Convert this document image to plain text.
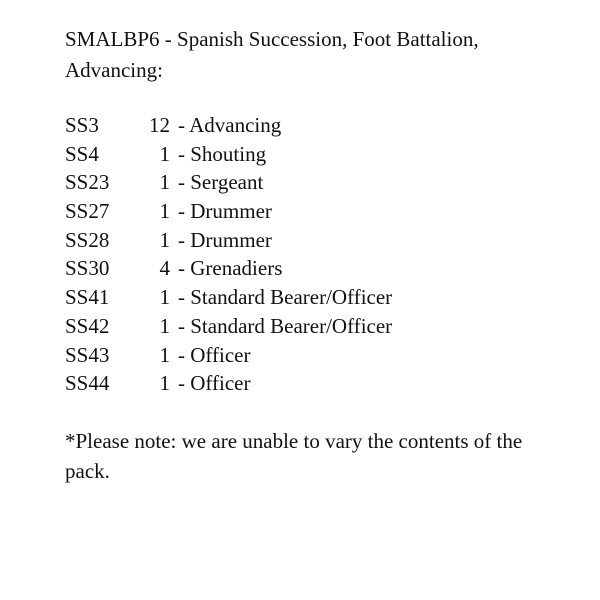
SMALBP6 - Spanish Succession, Foot Battalion, Advancing:

SS3	12 - Advancing
SS4	1 - Shouting
SS23	1 - Sergeant
SS27	1 - Drummer
SS28	1 - Drummer
SS30	4 - Grenadiers
SS41	1 - Standard Bearer/Officer
SS42	1 - Standard Bearer/Officer
SS43	1 - Officer
SS44	1 - Officer

*Please note: we are unable to vary the contents of the pack.
